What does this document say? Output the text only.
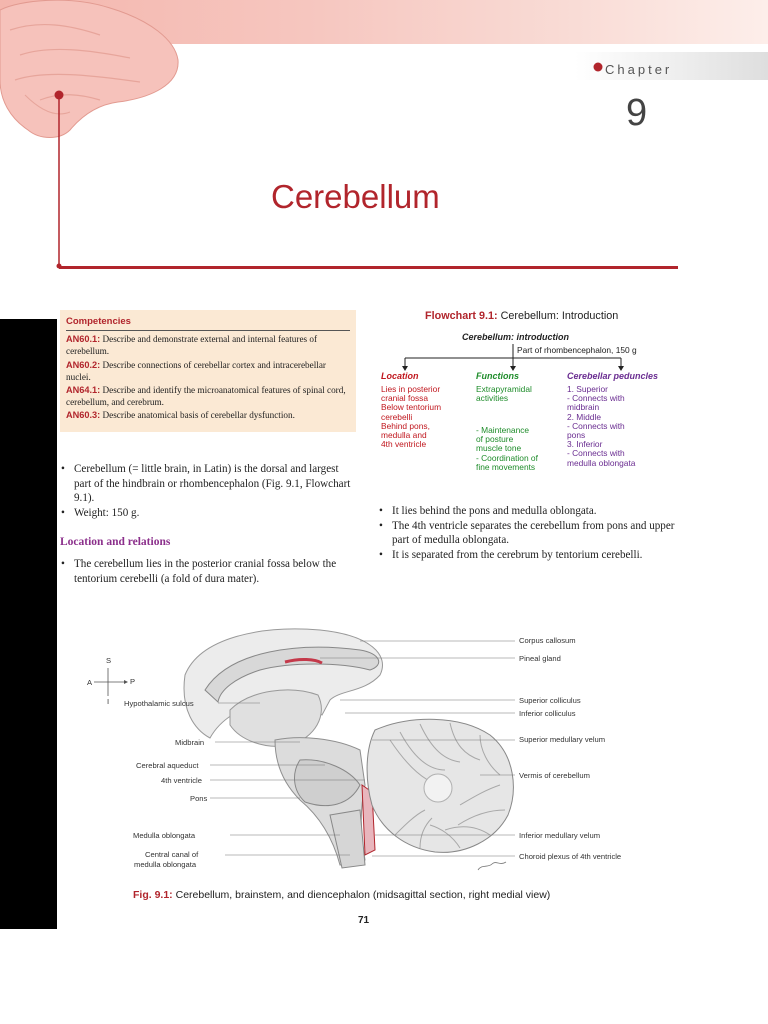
Chapter
9
Cerebellum
Competencies
AN60.1: Describe and demonstrate external and internal features of cerebellum.
AN60.2: Describe connections of cerebellar cortex and intracerebellar nuclei.
AN64.1: Describe and identify the microanatomical features of spinal cord, cerebellum, and cerebrum.
AN60.3: Describe anatomical basis of cerebellar dysfunction.
• Cerebellum (= little brain, in Latin) is the dorsal and largest part of the hindbrain or rhombencephalon (Fig. 9.1, Flowchart 9.1).
• Weight: 150 g.
Location and relations
• The cerebellum lies in the posterior cranial fossa below the tentorium cerebelli (a fold of dura mater).
Flowchart 9.1: Cerebellum: Introduction
Cerebellum: introduction
Part of rhombencephalon, 150 g
Location
Lies in posterior
cranial fossa
Below tentorium
cerebelli
Behind pons,
medulla and
4th ventricle
Functions
Extrapyramidal
activities
- Maintenance
of posture
muscle tone
- Coordination of
fine movements
Cerebellar peduncles
1. Superior
- Connects with
midbrain
2. Middle
- Connects with
pons
3. Inferior
- Connects with
medulla oblongata
• It lies behind the pons and medulla oblongata.
• The 4th ventricle separates the cerebellum from pons and upper part of medulla oblongata.
• It is separated from the cerebrum by tentorium cerebelli.
S
A	P
I Hypothalamic sulcus
Midbrain
Cerebral aqueduct
4th ventricle
Pons
Medulla oblongata
Central canal of
medulla oblongata
Corpus callosum
Pineal gland
Superior colliculus
Inferior colliculus
Superior medullary velum
Vermis of cerebellum
Inferior medullary velum
Choroid plexus of 4th ventricle
Fig. 9.1: Cerebellum, brainstem, and diencephalon (midsagittal section, right medial view)
71
